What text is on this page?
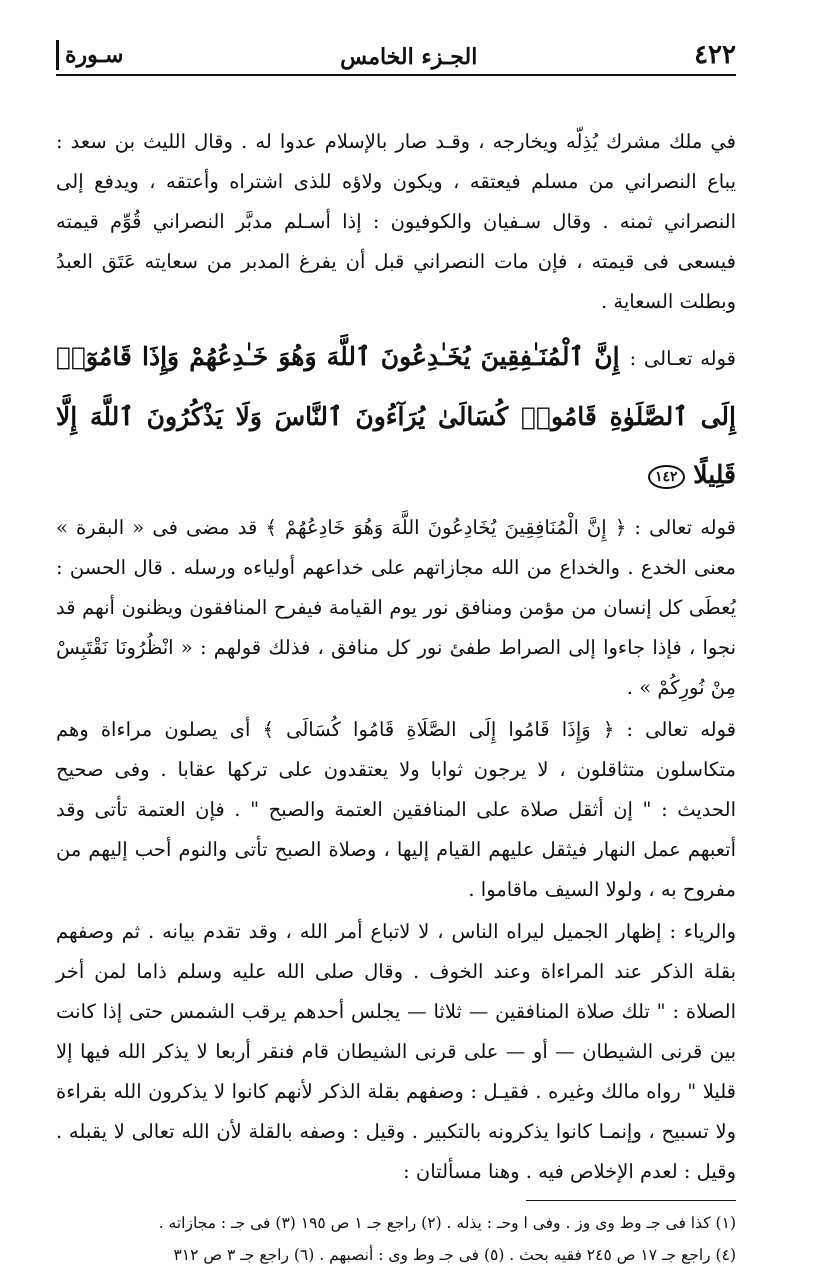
٤٢٢
الجـزء الخامس
سـورة

في ملك مشرك يُذِلّه ويخارجه ، وقـد صار بالإسلام عدوا له . وقال الليث بن سعد : يباع النصراني من مسلم فيعتقه ، ويكون ولاؤه للذى اشتراه وأعتقه ، ويدفع إلى النصراني ثمنه . وقال سـفيان والكوفيون : إذا أسـلم مدبَّر النصراني قُوِّم قيمته فيسعى فى قيمته ، فإن مات النصراني قبل أن يفرغ المدبر من سعايته عَتَق العبدُ وبطلت السعاية .

قوله تعـالى : إِنَّ ٱلْمُنَـٰفِقِينَ يُخَـٰدِعُونَ ٱللَّهَ وَهُوَ خَـٰدِعُهُمْ وَإِذَا قَامُوٓا۟ إِلَى ٱلصَّلَوٰةِ قَامُوا۟ كُسَالَىٰ يُرَآءُونَ ٱلنَّاسَ وَلَا يَذْكُرُونَ ٱللَّهَ إِلَّا قَلِيلًا ١٤٢

قوله تعالى : ﴿ إِنَّ الْمُنَافِقِينَ يُخَادِعُونَ اللَّهَ وَهُوَ خَادِعُهُمْ ﴾ قد مضى فى « البقرة » معنى الخدع . والخداع من الله مجازاتهم على خداعهم أولياءه ورسله . قال الحسن : يُعطَى كل إنسان من مؤمن ومنافق نور يوم القيامة فيفرح المنافقون ويظنون أنهم قد نجوا ، فإذا جاءوا إلى الصراط طفئ نور كل منافق ، فذلك قولهم : « انْظُرُونَا نَقْتَبِسْ مِنْ نُورِكُمْ » .

قوله تعالى : ﴿ وَإِذَا قَامُوا إِلَى الصَّلَاةِ قَامُوا كُسَالَى ﴾ أى يصلون مراءاة وهم متكاسلون متثاقلون ، لا يرجون ثوابا ولا يعتقدون على تركها عقابا . وفى صحيح الحديث : " إن أثقل صلاة على المنافقين العتمة والصبح " . فإن العتمة تأتى وقد أتعبهم عمل النهار فيثقل عليهم القيام إليها ، وصلاة الصبح تأتى والنوم أحب إليهم من مفروح به ، ولولا السيف ماقاموا .

والرياء : إظهار الجميل ليراه الناس ، لا لاتباع أمر الله ، وقد تقدم بيانه . ثم وصفهم بقلة الذكر عند المراءاة وعند الخوف . وقال صلى الله عليه وسلم ذاما لمن أخر الصلاة : " تلك صلاة المنافقين — ثلاثا — يجلس أحدهم يرقب الشمس حتى إذا كانت بين قرنى الشيطان — أو — على قرنى الشيطان قام فنقر أربعا لا يذكر الله فيها إلا قليلا " رواه مالك وغيره . فقيـل : وصفهم بقلة الذكر لأنهم كانوا لا يذكرون الله بقراءة ولا تسبيح ، وإنمـا كانوا يذكرونه بالتكبير . وقيل : وصفه بالقلة لأن الله تعالى لا يقبله . وقيل : لعدم الإخلاص فيه . وهنا مسألتان :

(١) كذا فى جـ وط وى وز . وفى ا وحـ : يذله . (٢) راجع جـ ١ ص ١٩٥ (٣) فى جـ : مجازاته .
(٤) راجع جـ ١٧ ص ٢٤٥ فقيه بحث . (٥) فى جـ وط وى : أنصبهم . (٦) راجع جـ ٣ ص ٣١٢
